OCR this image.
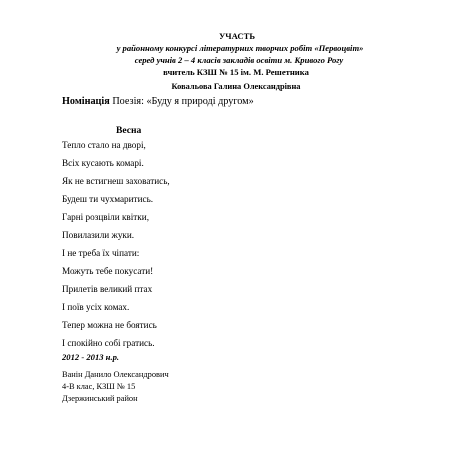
УЧАСТЬ
у районному конкурсі літературних творчих робіт «Первоцвіт»
серед учнів 2 – 4 класів закладів освіти м. Кривого Рогу
вчитель КЗШ № 15 ім. М. Решетника
Ковальова Галина Олександрівна
Номінація Поезія: «Буду я природі другом»
Весна
Тепло стало на дворі,
Всіх кусають комарі.
Як не встигнеш заховатись,
Будеш ти чухмаритись.
Гарні розцвіли квітки,
Повилазили жуки.
І не треба їх чіпати:
Можуть тебе покусати!
Прилетів великий птах
І поїв усіх комах.
Тепер можна не боятись
І спокійно собі гратись.
2012 - 2013 н.р.
Ванін Данило Олександрович
4-В клас, КЗШ № 15
Дзержинський район
